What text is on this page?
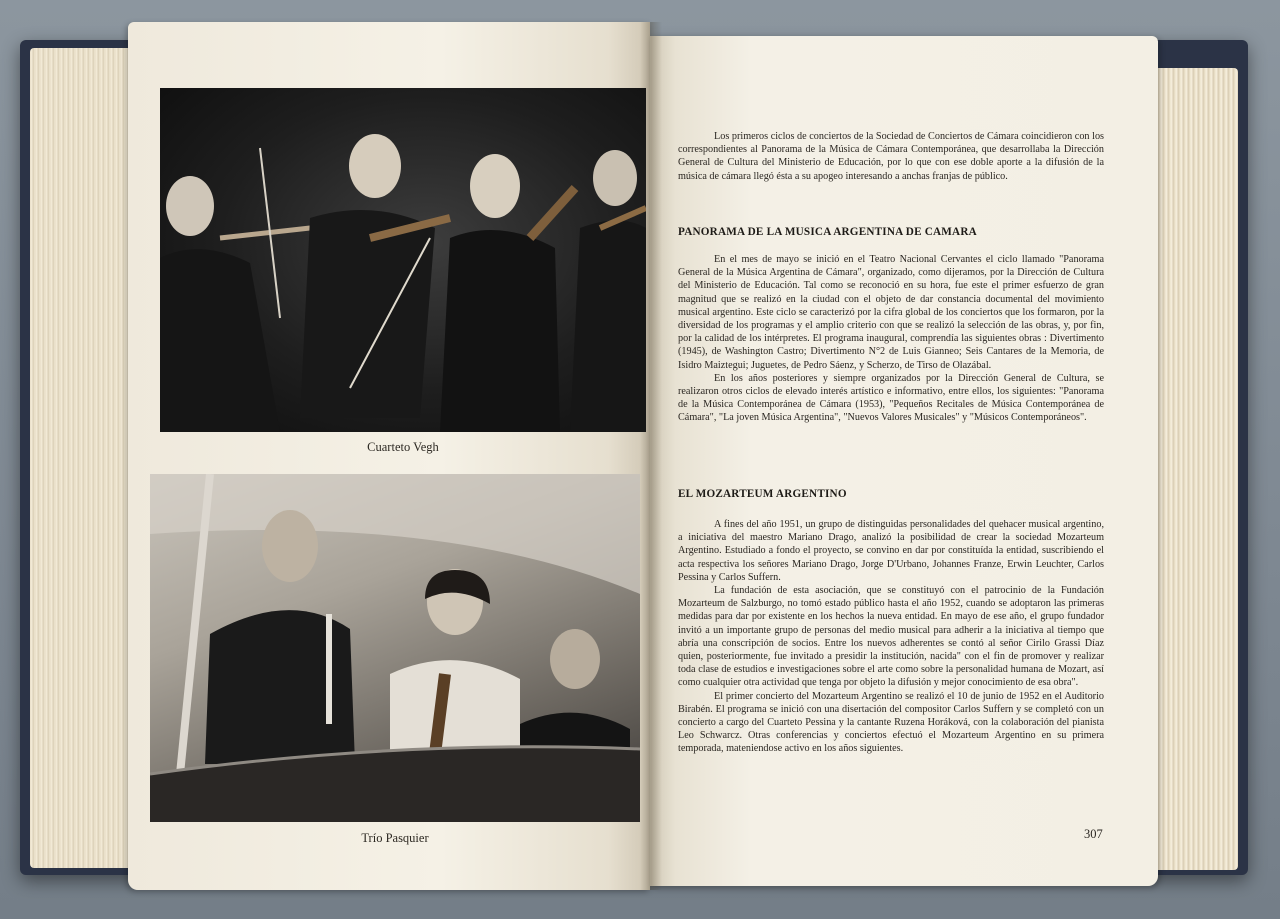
Cuarteto Vegh
Trío Pasquier

Los primeros ciclos de conciertos de la Sociedad de Conciertos de Cámara coincidieron con los correspondientes al Panorama de la Música de Cámara Contemporánea, que desarrollaba la Dirección General de Cultura del Ministerio de Educación, por lo que con ese doble aporte a la difusión de la música de cámara llegó ésta a su apogeo interesando a anchas franjas de público.

PANORAMA DE LA MUSICA ARGENTINA DE CAMARA

En el mes de mayo se inició en el Teatro Nacional Cervantes el ciclo llamado "Panorama General de la Música Argentina de Cámara", organizado, como dijeramos, por la Dirección de Cultura del Ministerio de Educación. Tal como se reconoció en su hora, fue este el primer esfuerzo de gran magnitud que se realizó en la ciudad con el objeto de dar constancia documental del movimiento musical argentino. Este ciclo se caracterizó por la cifra global de los conciertos que los formaron, por la diversidad de los programas y el amplio criterio con que se realizó la selección de las obras, y, por fin, por la calidad de los intérpretes. El programa inaugural, comprendía las siguientes obras : Divertimento (1945), de Washington Castro; Divertimento N°2 de Luis Gianneo; Seis Cantares de la Memoria, de Isidro Maiztegui; Juguetes, de Pedro Sáenz, y Scherzo, de Tirso de Olazábal.

En los años posteriores y siempre organizados por la Dirección General de Cultura, se realizaron otros ciclos de elevado interés artístico e informativo, entre ellos, los siguientes: "Panorama de la Música Contemporánea de Cámara (1953), "Pequeños Recitales de Música Contemporánea de Cámara", "La joven Música Argentina", "Nuevos Valores Musicales" y "Músicos Contemporáneos".

EL MOZARTEUM ARGENTINO

A fines del año 1951, un grupo de distinguidas personalidades del quehacer musical argentino, a iniciativa del maestro Mariano Drago, analizó la posibilidad de crear la sociedad Mozarteum Argentino. Estudiado a fondo el proyecto, se convino en dar por constituída la entidad, suscribiendo el acta respectiva los señores Mariano Drago, Jorge D'Urbano, Johannes Franze, Erwin Leuchter, Carlos Pessina y Carlos Suffern.

La fundación de esta asociación, que se constituyó con el patrocinio de la Fundación Mozarteum de Salzburgo, no tomó estado público hasta el año 1952, cuando se adoptaron las primeras medidas para dar por existente en los hechos la nueva entidad. En mayo de ese año, el grupo fundador invitó a un importante grupo de personas del medio musical para adherir a la iniciativa al tiempo que abría una conscripción de socios. Entre los nuevos adherentes se contó al señor Cirilo Grassi Díaz quien, posteriormente, fue invitado a presidir la institución, nacida" con el fin de promover y realizar toda clase de estudios e investigaciones sobre el arte como sobre la personalidad humana de Mozart, así como cualquier otra actividad que tenga por objeto la difusión y mejor conocimiento de esa obra".

El primer concierto del Mozarteum Argentino se realizó el 10 de junio de 1952 en el Auditorio Birabén. El programa se inició con una disertación del compositor Carlos Suffern y se completó con un concierto a cargo del Cuarteto Pessina y la cantante Ruzena Horáková, con la colaboración del pianista Leo Schwarcz. Otras conferencias y conciertos efectuó el Mozarteum Argentino en su primera temporada, mateniendose activo en los años siguientes.

307
